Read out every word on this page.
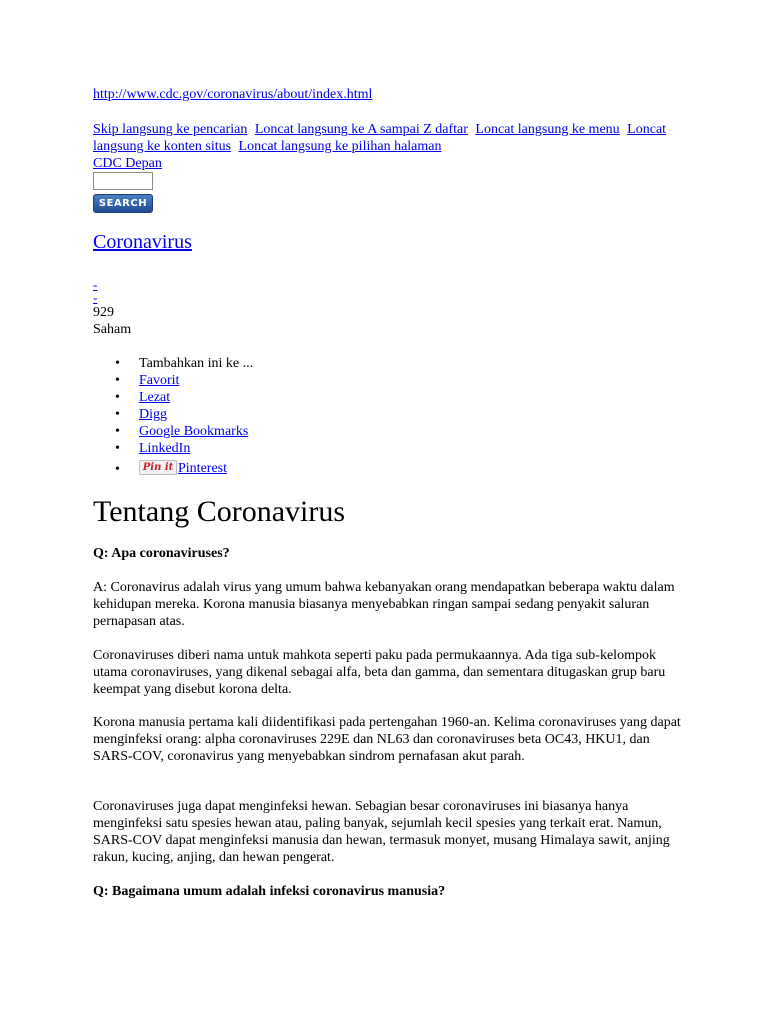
http://www.cdc.gov/coronavirus/about/index.html
Skip langsung ke pencarian Loncat langsung ke A sampai Z daftar Loncat langsung ke menu Loncat langsung ke konten situs Loncat langsung ke pilihan halaman
CDC Depan
SEARCH
Coronavirus
-
-
929
Saham
• Tambahkan ini ke ...
• Favorit
• Lezat
• Digg
• Google Bookmarks
• LinkedIn
• Pin it Pinterest
Tentang Coronavirus

Q: Apa coronaviruses?

A: Coronavirus adalah virus yang umum bahwa kebanyakan orang mendapatkan beberapa waktu dalam kehidupan mereka. Korona manusia biasanya menyebabkan ringan sampai sedang penyakit saluran pernapasan atas.

Coronaviruses diberi nama untuk mahkota seperti paku pada permukaannya. Ada tiga sub-kelompok utama coronaviruses, yang dikenal sebagai alfa, beta dan gamma, dan sementara ditugaskan grup baru keempat yang disebut korona delta.

Korona manusia pertama kali diidentifikasi pada pertengahan 1960-an. Kelima coronaviruses yang dapat menginfeksi orang: alpha coronaviruses 229E dan NL63 dan coronaviruses beta OC43, HKU1, dan SARS-COV, coronavirus yang menyebabkan sindrom pernafasan akut parah.

Coronaviruses juga dapat menginfeksi hewan. Sebagian besar coronaviruses ini biasanya hanya menginfeksi satu spesies hewan atau, paling banyak, sejumlah kecil spesies yang terkait erat. Namun, SARS-COV dapat menginfeksi manusia dan hewan, termasuk monyet, musang Himalaya sawit, anjing rakun, kucing, anjing, dan hewan pengerat.

Q: Bagaimana umum adalah infeksi coronavirus manusia?
